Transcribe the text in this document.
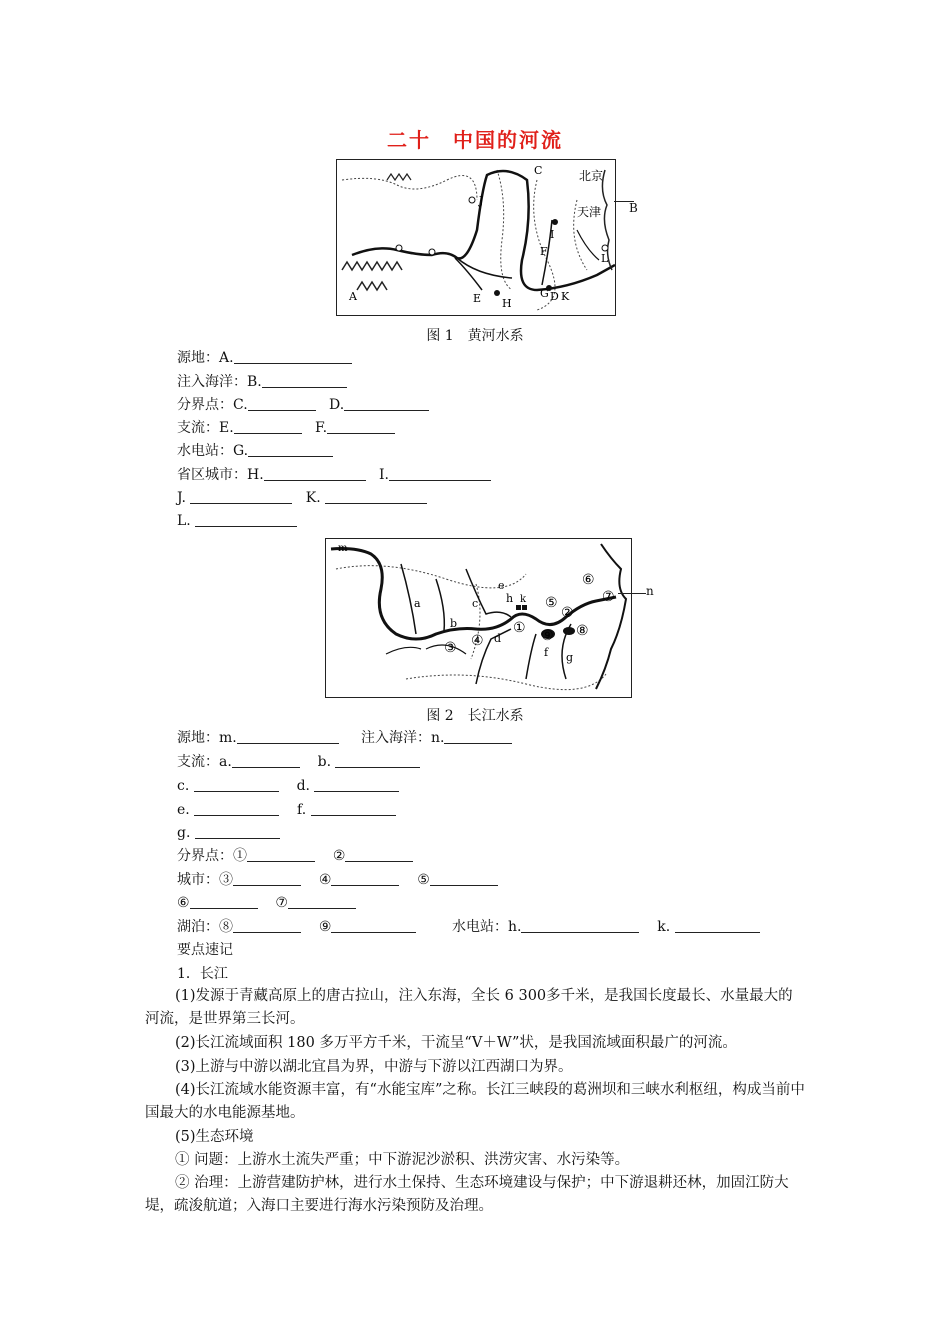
二十　中国的河流
A
C	北京
天津
J
I
F
L
E H
G D K
B
图 1　黄河水系
源地：A.
注入海洋：B.
分界点：C.	D.
支流：E.	F.
水电站：G.
省区城市：H.	I.
J.	K.
L.
m
a
b
c
d
e
f g
h k
①
②
③ ④
⑤
⑥
⑦
⑧
⑨
n
图 2　长江水系
源地：m.	注入海洋：n.
支流：a.	b.
c.	d.
e.	f.
g.
分界点：①	②
城市：③	④	⑤
⑥	⑦
湖泊：⑧	⑨	水电站：h.	k.
要点速记
1．长江
(1)发源于青藏高原上的唐古拉山，注入东海，全长 6 300多千米，是我国长度最长、水量最大的河流，是世界第三长河。
(2)长江流域面积 180 多万平方千米，干流呈“V＋W”状，是我国流域面积最广的河流。
(3)上游与中游以湖北宜昌为界，中游与下游以江西湖口为界。
(4)长江流域水能资源丰富，有“水能宝库”之称。长江三峡段的葛洲坝和三峡水利枢纽，构成当前中国最大的水电能源基地。
(5)生态环境
① 问题：上游水土流失严重；中下游泥沙淤积、洪涝灾害、水污染等。
② 治理：上游营建防护林，进行水土保持、生态环境建设与保护；中下游退耕还林，加固江防大堤，疏浚航道；入海口主要进行海水污染预防及治理。
